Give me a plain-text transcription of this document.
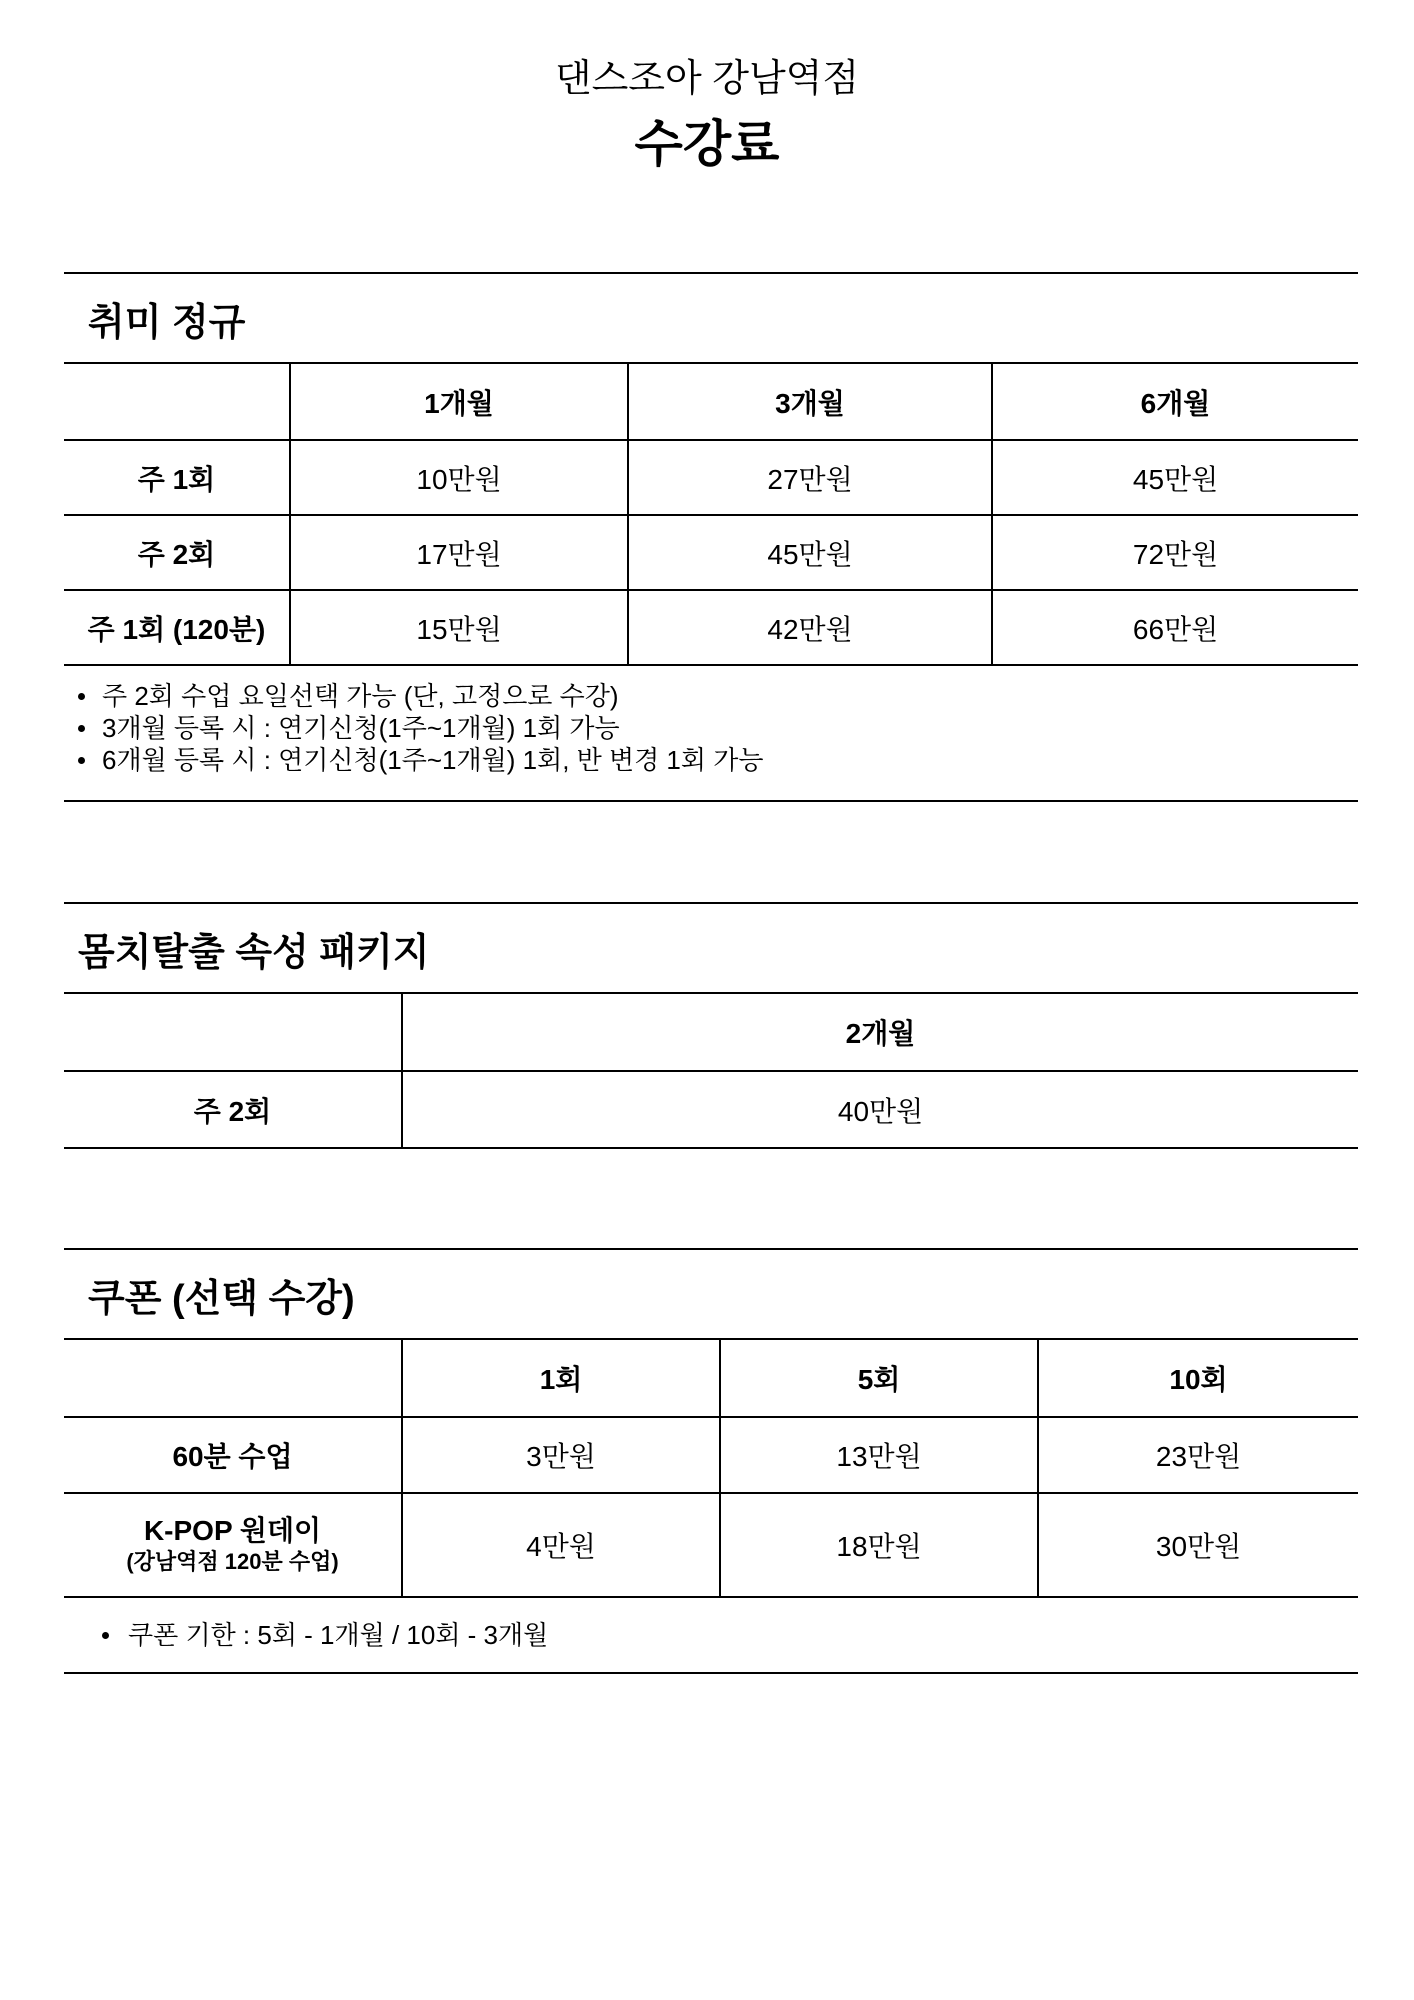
댄스조아 강남역점
수강료
취미 정규
	1개월	3개월	6개월
주 1회	10만원	27만원	45만원
주 2회	17만원	45만원	72만원
주 1회 (120분)	15만원	42만원	66만원
주 2회 수업 요일선택 가능 (단, 고정으로 수강)
3개월 등록 시 : 연기신청(1주~1개월) 1회 가능
6개월 등록 시 : 연기신청(1주~1개월) 1회, 반 변경 1회 가능
몸치탈출 속성 패키지
	2개월
주 2회	40만원
쿠폰 (선택 수강)
	1회	5회	10회
60분 수업	3만원	13만원	23만원

K-POP 원데이
(강남역점 120분 수업)	4만원	18만원	30만원
쿠폰 기한 : 5회 - 1개월 / 10회 - 3개월
